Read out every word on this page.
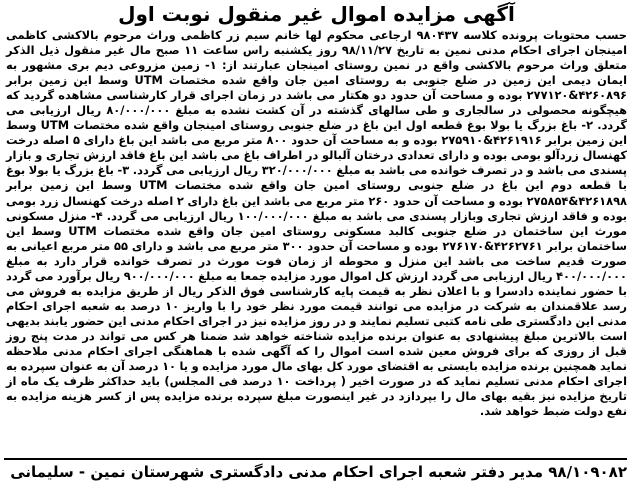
آگهی مزایده اموال غیر منقول نوبت اول

حسب محتویات پرونده کلاسه ۹۸۰۴۳۷ ارجاعی محکوم لها خانم سیم زر کاظمی وراث مرحوم بالاکشی کاظمی امینجان اجرای احکام مدنی نمین به تاریخ ۹۸/۱۱/۲۷ روز یکشنبه راس ساعت ۱۱ صبح مال غیر منقول ذیل الذکر متعلق وراث مرحوم بالاکشی واقع در نمین روستای امینجان عبارتند از: ۱- زمین مزروعی دیم بری مشهور به ایمان دیمی این زمین در ضلع جنوبی به روستای امین جان واقع شده مختصات UTM وسط این زمین برابر ۴۲۶۰۸۹۶&۲۷۷۱۲۰ بوده و مساحت آن حدود دو هکتار می باشد در زمان اجرای قرار کارشناسی مشاهده گردید که هیچگونه محصولی در سالجاری و طی سالهای گذشته در آن کشت نشده به مبلغ ۸۰/۰۰۰/۰۰۰ ریال ارزیابی می گردد. ۲- باغ بزرگ یا بولا بوغ قطعه اول این باغ در ضلع جنوبی روستای امینجان واقع شده مختصات UTM وسط این زمین برابر ۴۲۶۱۹۱۶&۲۷۵۹۱۰ بوده و به مساحت آن حدود ۸۰۰ متر مربع می باشد این باغ دارای ۵ اصله درخت کهنسال زردآلو بومی بوده و دارای تعدادی درختان آلبالو در اطراف باغ می باشد این باغ فاقد ارزش تجاری و بازار پسندی می باشد و در تصرف خوانده می باشد به مبلغ ۳۲۰/۰۰۰/۰۰۰ ریال ارزیابی می گردد. ۳- باغ بزرگ یا بولا بوغ با قطعه دوم این باغ در ضلع جنوبی روستای امین جان واقع شده مختصات UTM وسط این زمین برابر ۴۲۶۱۸۹۸&۲۷۵۸۵۴ بوده و مساحت آن حدود ۲۶۰ متر مربع می باشد این باغ دارای ۲ اصله درخت کهنسال زرد بومی بوده و فاقد ارزش تجاری وبازار پسندی می باشد به مبلغ ۱۰۰/۰۰۰/۰۰۰ ریال ارزیابی می گردد. ۴- منزل مسکونی مورث این ساختمان در ضلع جنوبی کالبد مسکونی روستای امین جان واقع شده مختصات UTM وسط این ساختمان برابر ۴۲۶۲۷۶۱&۲۷۶۱۷۰ بوده و مساحت آن حدود ۳۰۰ متر مربع می باشد و دارای ۵۵ متر مربع اعیانی به صورت قدیم ساخت می باشد این منزل و محوطه از زمان فوت مورث در تصرف خوانده قرار دارد به مبلغ ۴۰۰/۰۰۰/۰۰۰ ریال ارزیابی می گردد ارزش کل اموال مورد مزایده جمعا به مبلغ ۹۰۰/۰۰۰/۰۰۰ ریال برآورد می گردد با حضور نماینده دادسرا و با اعلان نظر به قیمت پایه کارشناسی فوق الذکر ریال از طریق مزایده به فروش می رسد علاقمندان به شرکت در مزایده می توانند قیمت مورد نظر خود را با واریز ۱۰ درصد به شعبه اجرای احکام مدنی این دادگستری طی نامه کتبی تسلیم نمایند و در روز مزایده نیز در اجرای احکام مدنی این حضور یابند بدیهی است بالاترین مبلغ پیشنهادی به عنوان برنده مزایده شناخته خواهد شد ضمنا هر کس می تواند در مدت پنج روز قبل از روزی که برای فروش معین شده است اموال را که آگهی شده با هماهنگی اجرای احکام مدنی ملاحظه نماید همچنین برنده مزایده بایستی به اقتضای مورد کل بهای مال مورد مزایده و یا ۱۰ درصد آن به عنوان سپرده به اجرای احکام مدنی تسلیم نماید که در صورت اخیر ( پرداخت ۱۰ درصد فی المجلس) باید حداکثر ظرف یک ماه از تاریخ مزایده نیز بقیه بهای مال را بپردازد در غیر اینصورت مبلغ سپرده برنده مزایده پس از کسر هزینه مزایده به نفع دولت ضبط خواهد شد.

۹۸/۱۰۹۰۸۲ مدیر دفتر شعبه اجرای احکام مدنی دادگستری شهرستان نمین - سلیمانی
